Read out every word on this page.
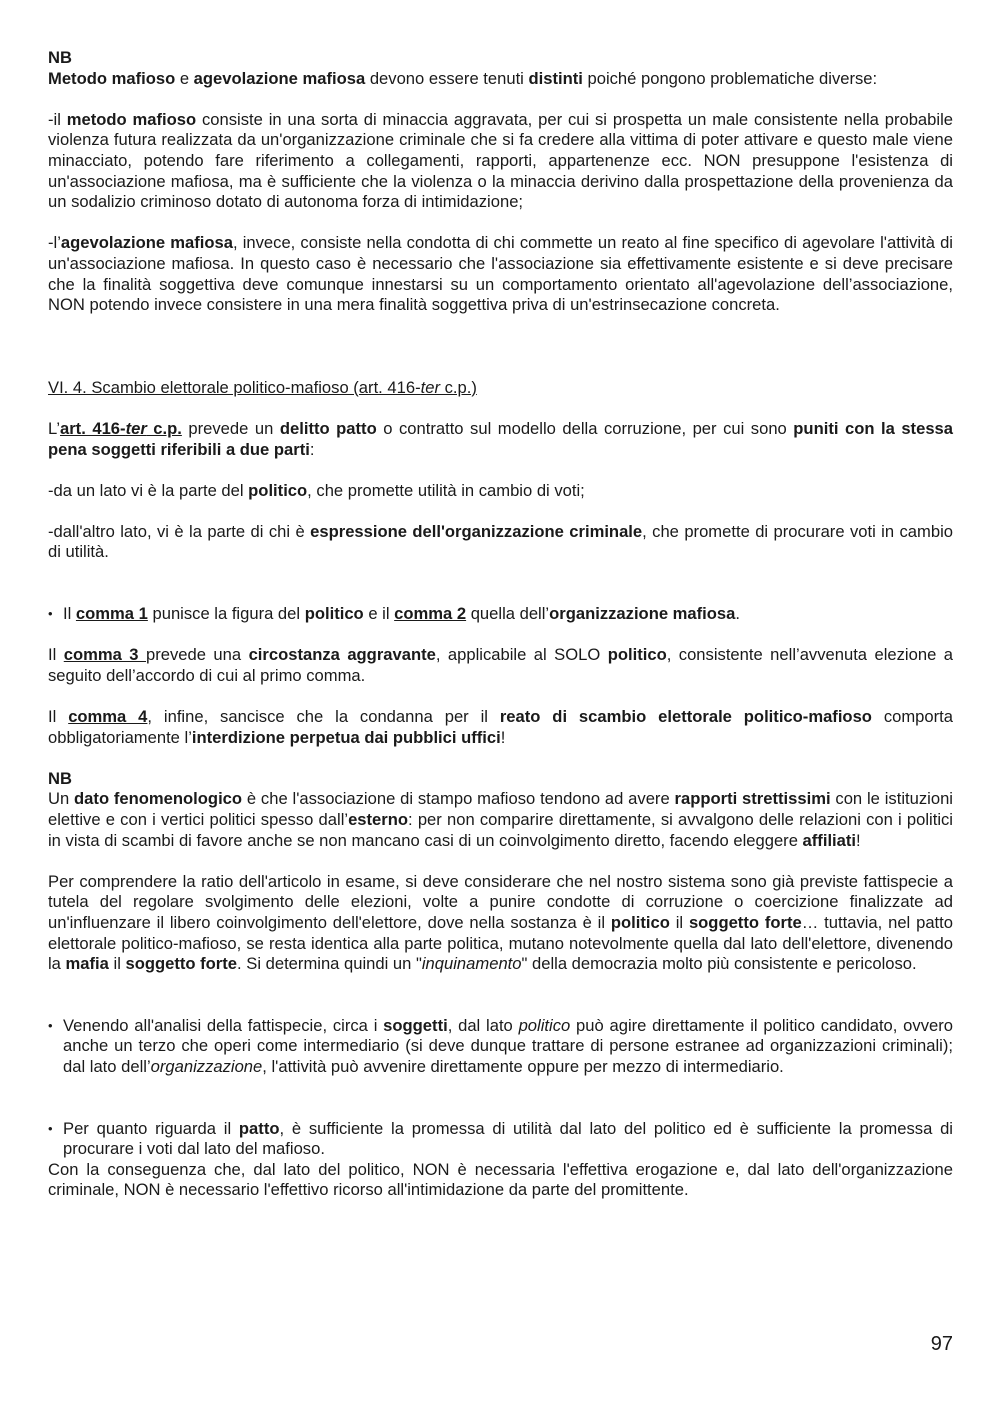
NB

Metodo mafioso e agevolazione mafiosa devono essere tenuti distinti poiché pongono problematiche diverse:

-il metodo mafioso consiste in una sorta di minaccia aggravata, per cui si prospetta un male consistente nella probabile violenza futura realizzata da un'organizzazione criminale che si fa credere alla vittima di poter attivare e questo male viene minacciato, potendo fare riferimento a collegamenti, rapporti, appartenenze ecc. NON presuppone l'esistenza di un'associazione mafiosa, ma è sufficiente che la violenza o la minaccia derivino dalla prospettazione della provenienza da un sodalizio criminoso dotato di autonoma forza di intimidazione;

-l’agevolazione mafiosa, invece, consiste nella condotta di chi commette un reato al fine specifico di agevolare l'attività di un'associazione mafiosa. In questo caso è necessario che l'associazione sia effettivamente esistente e si deve precisare che la finalità soggettiva deve comunque innestarsi su un comportamento orientato all'agevolazione dell’associazione, NON potendo invece consistere in una mera finalità soggettiva priva di un'estrinsecazione concreta.

VI. 4. Scambio elettorale politico-mafioso (art. 416-ter c.p.)

L’art. 416-ter c.p. prevede un delitto patto o contratto sul modello della corruzione, per cui sono puniti con la stessa pena soggetti riferibili a due parti:

-da un lato vi è la parte del politico, che promette utilità in cambio di voti;

-dall'altro lato, vi è la parte di chi è espressione dell'organizzazione criminale, che promette di procurare voti in cambio di utilità.

• Il comma 1 punisce la figura del politico e il comma 2 quella dell’organizzazione mafiosa.

Il comma 3 prevede una circostanza aggravante, applicabile al SOLO politico, consistente nell’avvenuta elezione a seguito dell’accordo di cui al primo comma.

Il comma 4, infine, sancisce che la condanna per il reato di scambio elettorale politico-mafioso comporta obbligatoriamente l’interdizione perpetua dai pubblici uffici!

NB

Un dato fenomenologico è che l'associazione di stampo mafioso tendono ad avere rapporti strettissimi con le istituzioni elettive e con i vertici politici spesso dall’esterno: per non comparire direttamente, si avvalgono delle relazioni con i politici in vista di scambi di favore anche se non mancano casi di un coinvolgimento diretto, facendo eleggere affiliati!

Per comprendere la ratio dell'articolo in esame, si deve considerare che nel nostro sistema sono già previste fattispecie a tutela del regolare svolgimento delle elezioni, volte a punire condotte di corruzione o coercizione finalizzate ad un'influenzare il libero coinvolgimento dell'elettore, dove nella sostanza è il politico il soggetto forte… tuttavia, nel patto elettorale politico-mafioso, se resta identica alla parte politica, mutano notevolmente quella dal lato dell'elettore, divenendo la mafia il soggetto forte. Si determina quindi un "inquinamento" della democrazia molto più consistente e pericoloso.

• Venendo all'analisi della fattispecie, circa i soggetti, dal lato politico può agire direttamente il politico candidato, ovvero anche un terzo che operi come intermediario (si deve dunque trattare di persone estranee ad organizzazioni criminali); dal lato dell’organizzazione, l'attività può avvenire direttamente oppure per mezzo di intermediario.

• Per quanto riguarda il patto, è sufficiente la promessa di utilità dal lato del politico ed è sufficiente la promessa di procurare i voti dal lato del mafioso.

Con la conseguenza che, dal lato del politico, NON è necessaria l'effettiva erogazione e, dal lato dell'organizzazione criminale, NON è necessario l'effettivo ricorso all'intimidazione da parte del promittente.

97
